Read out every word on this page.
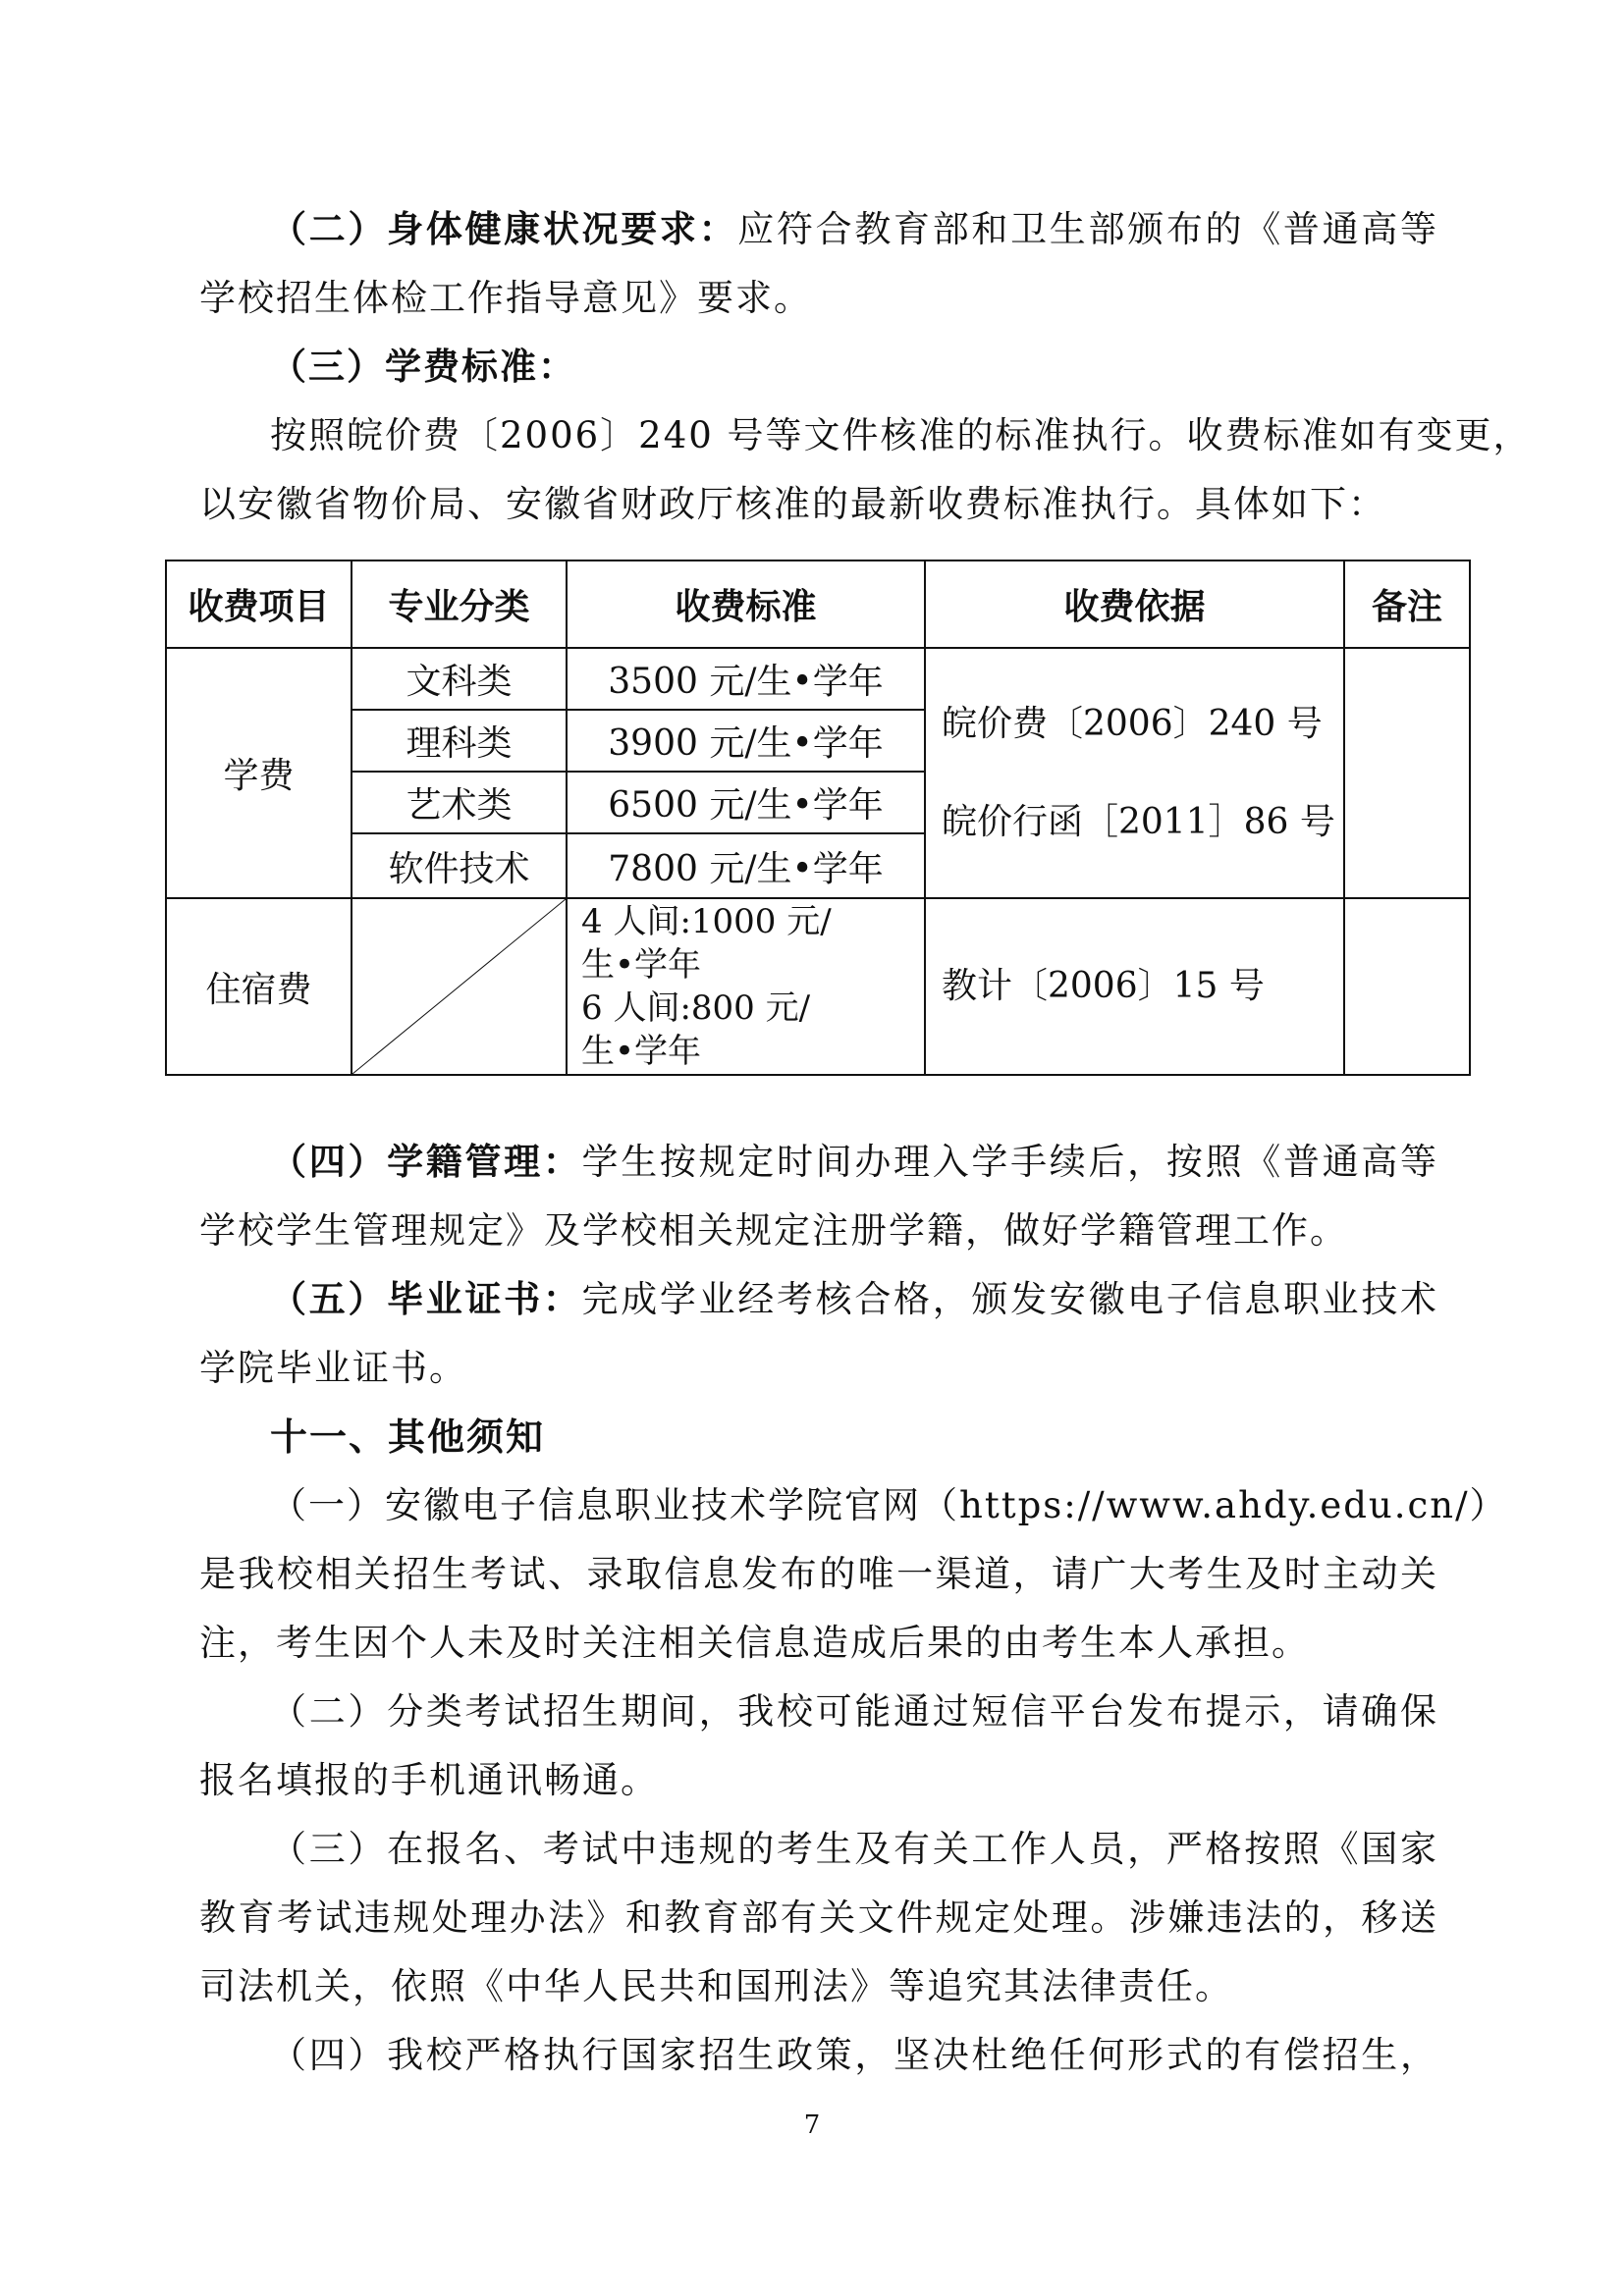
（二）身体健康状况要求：应符合教育部和卫生部颁布的《普通高等
学校招生体检工作指导意见》要求。
（三）学费标准：
按照皖价费〔2006〕240 号等文件核准的标准执行。收费标准如有变更，
以安徽省物价局、安徽省财政厅核准的最新收费标准执行。具体如下：
收费项目	专业分类	收费标准	收费依据	备注
学费	文科类	3500 元/生•学年	皖价费〔2006〕240 号
皖价行函［2011］86 号	

	理科类	3900 元/生•学年		
	艺术类	6500 元/生•学年		
	软件技术	7800 元/生•学年		
住宿费		4 人间:1000 元/
生•学年
6 人间:800 元/
生•学年	教计〔2006〕15 号	
（四）学籍管理：学生按规定时间办理入学手续后，按照《普通高等
学校学生管理规定》及学校相关规定注册学籍，做好学籍管理工作。
（五）毕业证书：完成学业经考核合格，颁发安徽电子信息职业技术
学院毕业证书。
十一、其他须知
（一）安徽电子信息职业技术学院官网（https://www.ahdy.edu.cn/）
是我校相关招生考试、录取信息发布的唯一渠道，请广大考生及时主动关
注，考生因个人未及时关注相关信息造成后果的由考生本人承担。
（二）分类考试招生期间，我校可能通过短信平台发布提示，请确保
报名填报的手机通讯畅通。
（三）在报名、考试中违规的考生及有关工作人员，严格按照《国家
教育考试违规处理办法》和教育部有关文件规定处理。涉嫌违法的，移送
司法机关，依照《中华人民共和国刑法》等追究其法律责任。
（四）我校严格执行国家招生政策，坚决杜绝任何形式的有偿招生，
7
